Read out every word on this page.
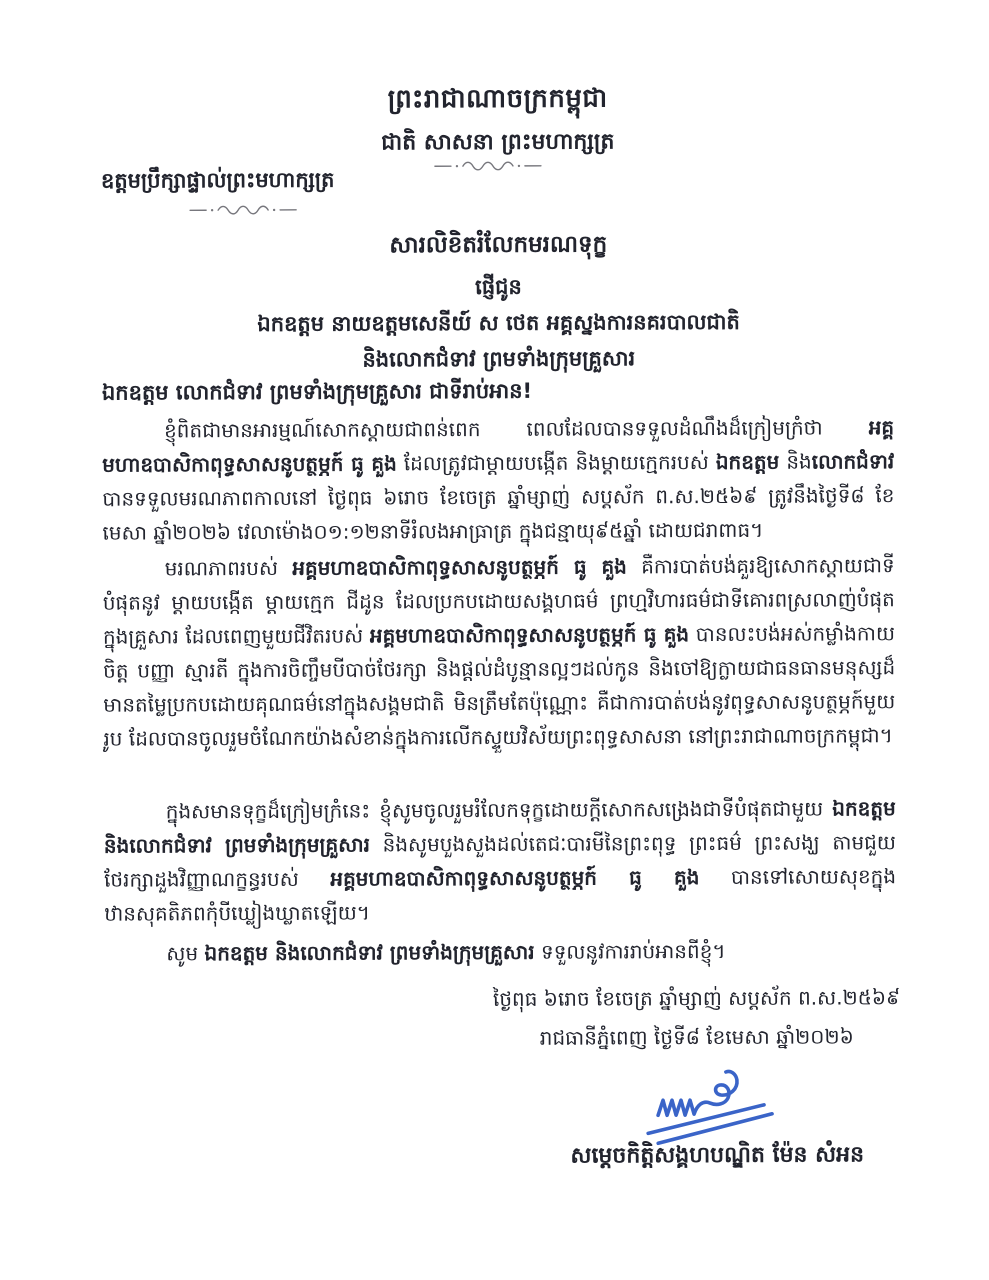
ព្រះរាជាណាចក្រកម្ពុជា
ជាតិ សាសនា ព្រះមហាក្សត្រ
ឧត្តមប្រឹក្សាផ្ទាល់ព្រះមហាក្សត្រ
សារលិខិតរំលែកមរណទុក្ខ
ផ្ញើជូន
ឯកឧត្តម នាយឧត្តមសេនីយ៍ ស ថេត អគ្គស្នងការនគរបាលជាតិ
និងលោកជំទាវ ព្រមទាំងក្រុមគ្រួសារ
ឯកឧត្តម លោកជំទាវ ព្រមទាំងក្រុមគ្រួសារ ជាទីរាប់អាន!
ខ្ញុំពិតជាមានអារម្មណ៍សោកស្តាយជាពន់ពេក ពេលដែលបានទទួលដំណឹងដ៏ក្រៀមក្រំថា អគ្គមហាឧបាសិកាពុទ្ធសាសនូបត្ថម្ភក៍ ធូ គួង ដែលត្រូវជាម្តាយបង្កើត និងម្តាយក្មេករបស់ ឯកឧត្តម និងលោកជំទាវ បានទទួលមរណភាពកាលនៅ ថ្ងៃពុធ ៦រោច ខែចេត្រ ឆ្នាំម្សាញ់ សប្តស័ក ព.ស.២៥៦៩ ត្រូវនឹងថ្ងៃទី៨ ខែមេសា ឆ្នាំ២០២៦ វេលាម៉ោង០១:១២នាទីរំលងអាធ្រាត្រ ក្នុងជន្មាយុ៩៥ឆ្នាំ ដោយជរាពាធ។
មរណភាពរបស់ អគ្គមហាឧបាសិកាពុទ្ធសាសនូបត្ថម្ភក៍ ធូ គួង គឺការបាត់បង់គួរឱ្យសោកស្តាយជាទីបំផុតនូវ ម្តាយបង្កើត ម្តាយក្មេក ជីដូន ដែលប្រកបដោយសង្គហធម៌ ព្រហ្មវិហារធម៌ជាទីគោរពស្រលាញ់បំផុតក្នុងគ្រួសារ ដែលពេញមួយជីវិតរបស់ អគ្គមហាឧបាសិកាពុទ្ធសាសនូបត្ថម្ភក៍ ធូ គួង បានលះបង់អស់កម្លាំងកាយ ចិត្ត បញ្ញា ស្មារតី ក្នុងការចិញ្ចឹមបីបាច់ថែរក្សា និងផ្តល់ដំបូន្មានល្អៗដល់កូន និងចៅឱ្យក្លាយជាធនធានមនុស្សដ៏មានតម្លៃប្រកបដោយគុណធម៌នៅក្នុងសង្គមជាតិ មិនត្រឹមតែប៉ុណ្ណោះ គឺជាការបាត់បង់នូវពុទ្ធសាសនូបត្ថម្ភក៍មួយរូប ដែលបានចូលរួមចំណែកយ៉ាងសំខាន់ក្នុងការលើកស្ទួយវិស័យព្រះពុទ្ធសាសនា នៅព្រះរាជាណាចក្រកម្ពុជា។
ក្នុងសមានទុក្ខដ៏ក្រៀមក្រំនេះ ខ្ញុំសូមចូលរួមរំលែកទុក្ខដោយក្តីសោកសង្រេងជាទីបំផុតជាមួយ ឯកឧត្តម និងលោកជំទាវ ព្រមទាំងក្រុមគ្រួសារ និងសូមបួងសួងដល់តេជៈបារមីនៃព្រះពុទ្ធ ព្រះធម៌ ព្រះសង្ឃ តាមជួយថែរក្សាដួងវិញ្ញាណក្ខន្ធរបស់ អគ្គមហាឧបាសិកាពុទ្ធសាសនូបត្ថម្ភក៍ ធូ គួង បានទៅសោយសុខក្នុងឋានសុគតិភពកុំបីឃ្លៀងឃ្លាតឡើយ។
សូម ឯកឧត្តម និងលោកជំទាវ ព្រមទាំងក្រុមគ្រួសារ ទទួលនូវការរាប់អានពីខ្ញុំ។
ថ្ងៃពុធ ៦រោច ខែចេត្រ ឆ្នាំម្សាញ់ សប្តស័ក ព.ស.២៥៦៩
រាជធានីភ្នំពេញ ថ្ងៃទី៨ ខែមេសា ឆ្នាំ២០២៦
សម្តេចកិត្តិសង្គហបណ្ឌិត ម៉ែន សំអន
